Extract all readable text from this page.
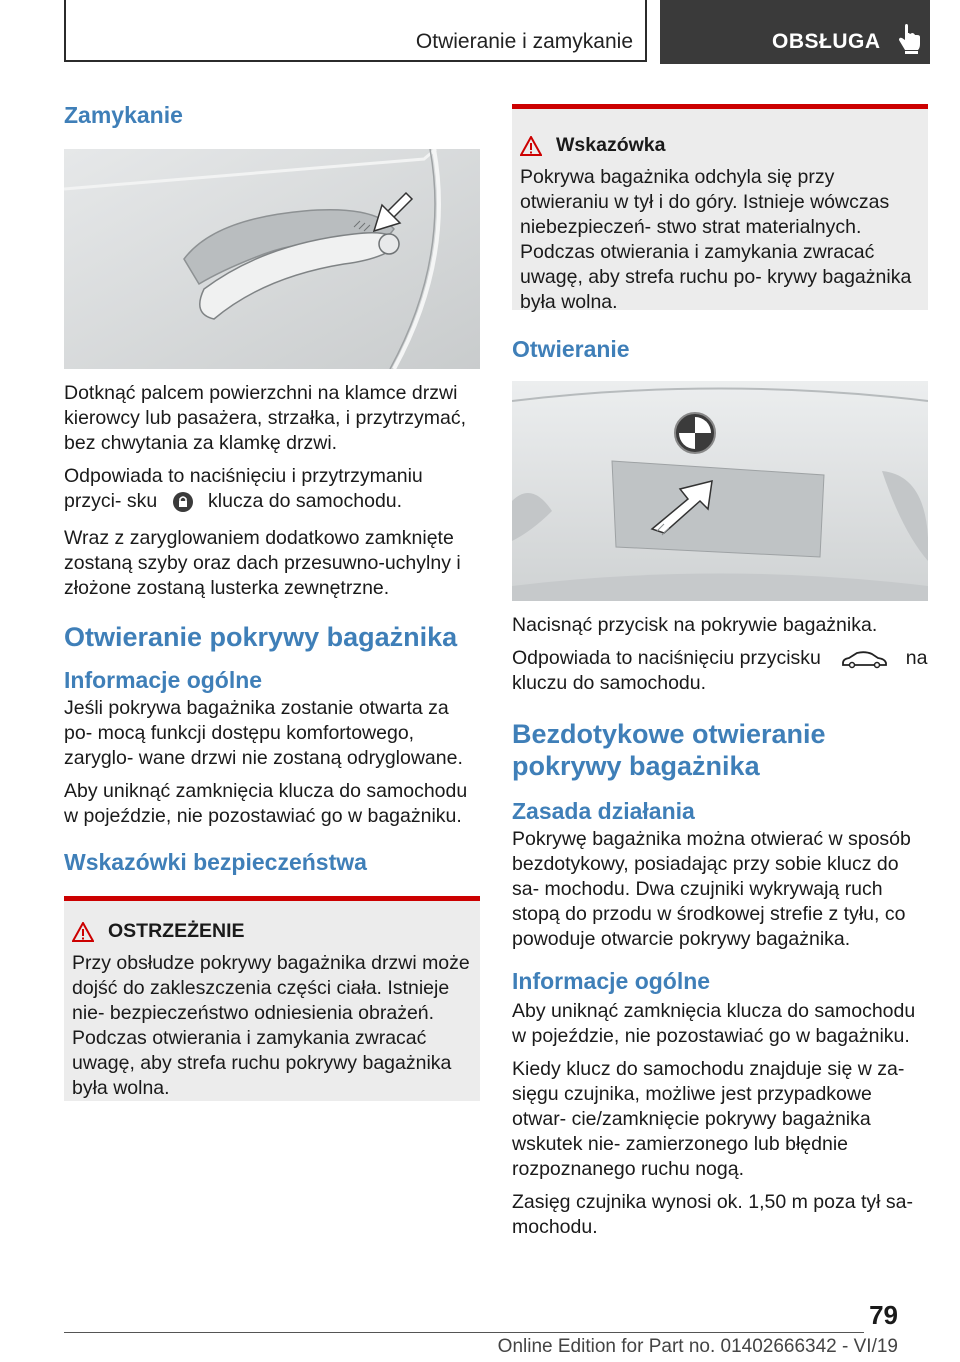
Otwieranie i zamykanie	OBSŁUGA
Zamykanie

Dotknąć palcem powierzchni na klamce drzwi kierowcy lub pasażera, strzałka, i przytrzymać, bez chwytania za klamkę drzwi.

Odpowiada to naciśnięciu i przytrzymaniu przyci‐ sku	klucza do samochodu.

Wraz z zaryglowaniem dodatkowo zamknięte zostaną szyby oraz dach przesuwno-uchylny i złożone zostaną lusterka zewnętrzne.

Otwieranie pokrywy bagażnika
Informacje ogólne

Jeśli pokrywa bagażnika zostanie otwarta za po‐ mocą funkcji dostępu komfortowego, zaryglo‐ wane drzwi nie zostaną odryglowane.

Aby uniknąć zamknięcia klucza do samochodu w pojeździe, nie pozostawiać go w bagażniku.

Wskazówki bezpieczeństwa
OSTRZEŻENIE

Przy obsłudze pokrywy bagażnika drzwi może dojść do zakleszczenia części ciała. Istnieje nie‐ bezpieczeństwo odniesienia obrażeń. Podczas otwierania i zamykania zwracać uwagę, aby strefa ruchu pokrywy bagażnika była wolna.

Wskazówka

Pokrywa bagażnika odchyla się przy otwieraniu w tył i do góry. Istnieje wówczas niebezpieczeń‐ stwo strat materialnych. Podczas otwierania i zamykania zwracać uwagę, aby strefa ruchu po‐ krywy bagażnika była wolna.

Otwieranie

Nacisnąć przycisk na pokrywie bagażnika.

Odpowiada to naciśnięciu przycisku	na kluczu do samochodu.

Bezdotykowe otwieranie pokrywy bagażnika
Zasada działania

Pokrywę bagażnika można otwierać w sposób bezdotykowy, posiadając przy sobie klucz do sa‐ mochodu. Dwa czujniki wykrywają ruch stopą do przodu w środkowej strefie z tyłu, co powoduje otwarcie pokrywy bagażnika.

Informacje ogólne

Aby uniknąć zamknięcia klucza do samochodu w pojeździe, nie pozostawiać go w bagażniku.

Kiedy klucz do samochodu znajduje się w za‐ sięgu czujnika, możliwe jest przypadkowe otwar‐ cie/zamknięcie pokrywy bagażnika wskutek nie‐ zamierzonego lub błędnie rozpoznanego ruchu nogą.

Zasięg czujnika wynosi ok. 1,50 m poza tył sa‐ mochodu.

79
Online Edition for Part no. 01402666342 - VI/19
